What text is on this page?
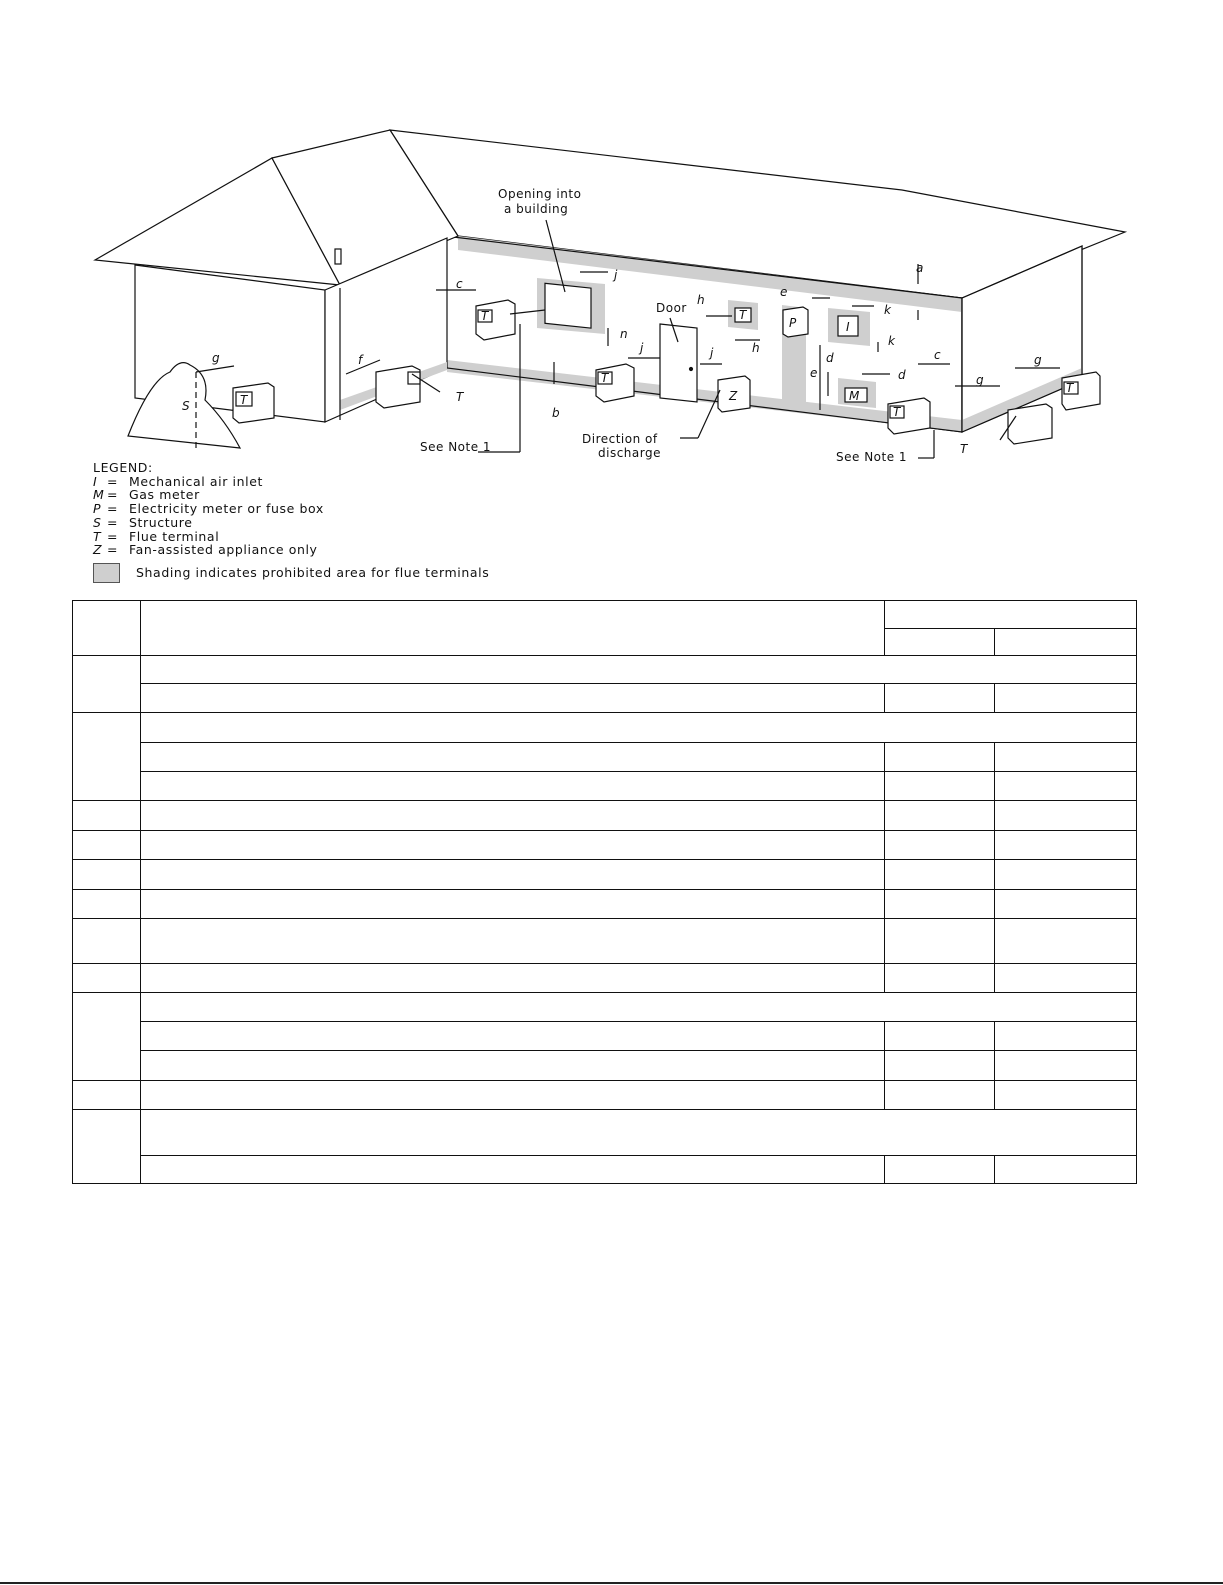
Opening into
a building
Door
Direction of
discharge
See Note 1
See Note 1
a
b
c
c
d
d
e
e
f
g
g
g
h
h
j
j	j
k
k
n
T
T
T
P	I
M
Z
T
T
T	T
T
S
LEGEND:
I = Mechanical air inlet
M = Gas meter
P = Electricity meter or fuse box
S = Structure
T = Flue terminal
Z = Fan-assisted appliance only
Shading indicates prohibited area for flue terminals
